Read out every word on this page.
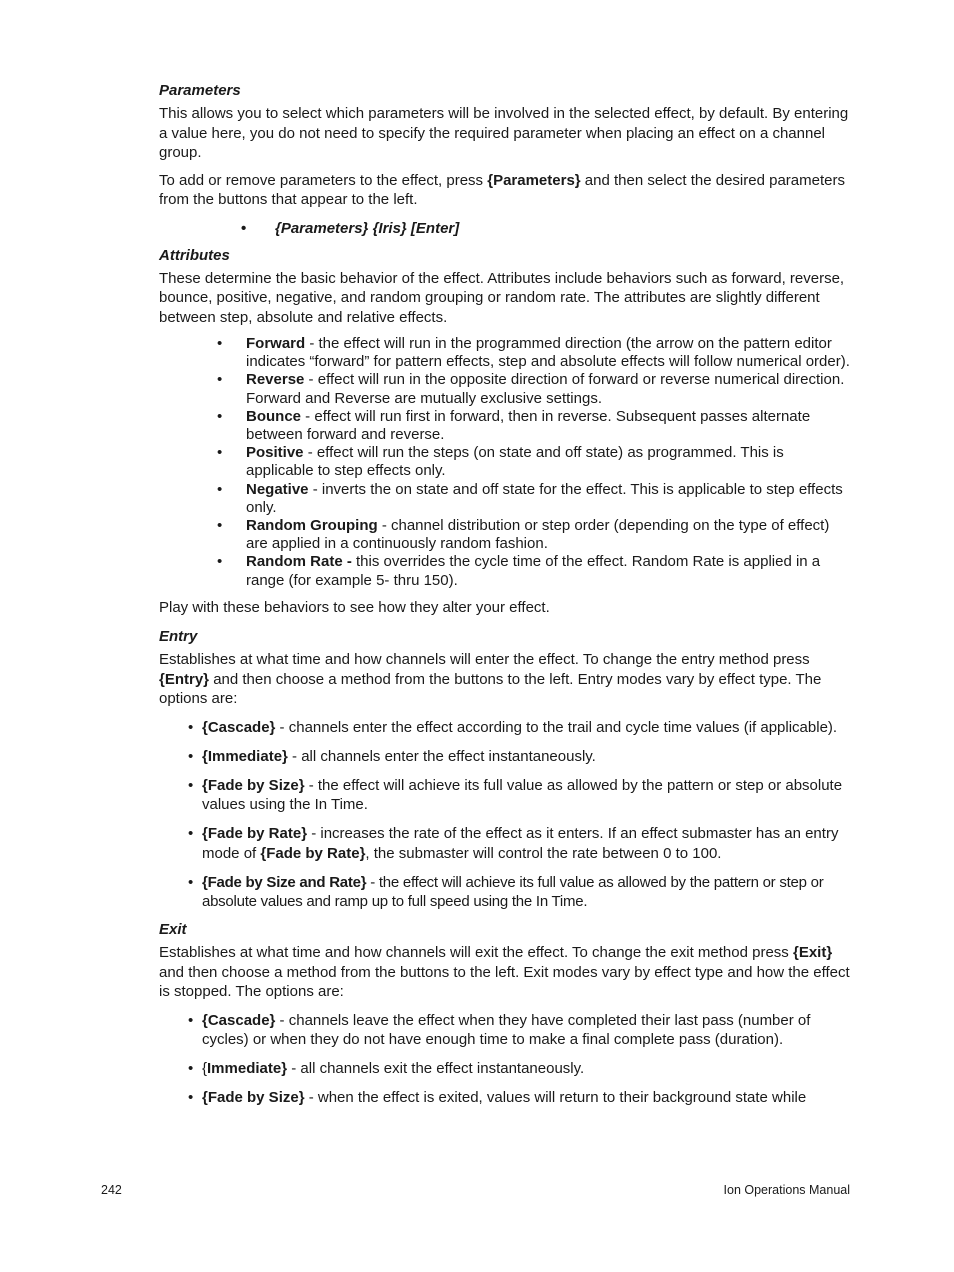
Parameters

This allows you to select which parameters will be involved in the selected effect, by default. By entering a value here, you do not need to specify the required parameter when placing an effect on a channel group.

To add or remove parameters to the effect, press {Parameters} and then select the desired parameters from the buttons that appear to the left.

• {Parameters} {Iris} [Enter]

Attributes

These determine the basic behavior of the effect. Attributes include behaviors such as forward, reverse, bounce, positive, negative, and random grouping or random rate. The attributes are slightly different between step, absolute and relative effects.

• Forward - the effect will run in the programmed direction (the arrow on the pattern editor indicates “forward” for pattern effects, step and absolute effects will follow numerical order).
• Reverse - effect will run in the opposite direction of forward or reverse numerical direction. Forward and Reverse are mutually exclusive settings.
• Bounce - effect will run first in forward, then in reverse. Subsequent passes alternate between forward and reverse.
• Positive - effect will run the steps (on state and off state) as programmed. This is applicable to step effects only.
• Negative - inverts the on state and off state for the effect. This is applicable to step effects only.
• Random Grouping - channel distribution or step order (depending on the type of effect) are applied in a continuously random fashion.
• Random Rate - this overrides the cycle time of the effect. Random Rate is applied in a range (for example 5- thru 150).

Play with these behaviors to see how they alter your effect.

Entry

Establishes at what time and how channels will enter the effect. To change the entry method press {Entry} and then choose a method from the buttons to the left. Entry modes vary by effect type. The options are:

• {Cascade} - channels enter the effect according to the trail and cycle time values (if applicable).
• {Immediate} - all channels enter the effect instantaneously.
• {Fade by Size} - the effect will achieve its full value as allowed by the pattern or step or absolute values using the In Time.
• {Fade by Rate} - increases the rate of the effect as it enters. If an effect submaster has an entry mode of {Fade by Rate}, the submaster will control the rate between 0 to 100.
• {Fade by Size and Rate} - the effect will achieve its full value as allowed by the pattern or step or absolute values and ramp up to full speed using the In Time.

Exit

Establishes at what time and how channels will exit the effect. To change the exit method press {Exit} and then choose a method from the buttons to the left. Exit modes vary by effect type and how the effect is stopped. The options are:

• {Cascade} - channels leave the effect when they have completed their last pass (number of cycles) or when they do not have enough time to make a final complete pass (duration).
• {Immediate} - all channels exit the effect instantaneously.
• {Fade by Size} - when the effect is exited, values will return to their background state while
242	Ion Operations Manual
